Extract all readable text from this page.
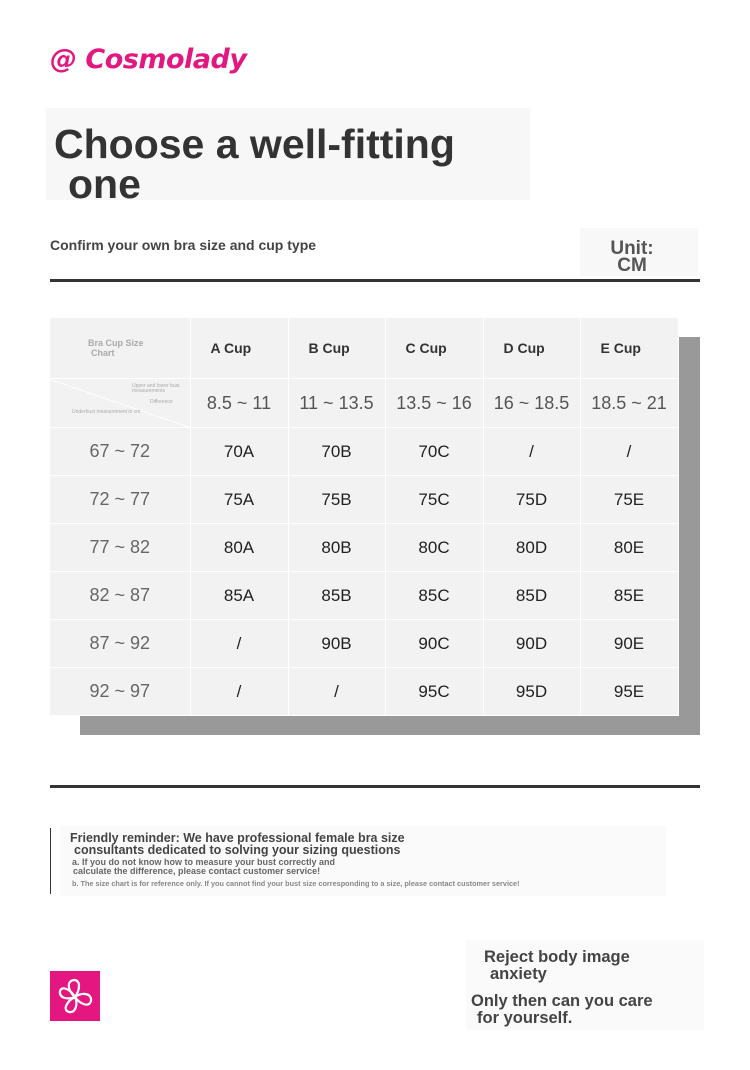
@ Cosmolady
Choose a well-fitting
one
Confirm your own bra size and cup type	Unit:
CM
Bra Cup Size
Chart	A Cup	B Cup	C Cup	D Cup	E Cup

Upper and lower bust measurements
Difference
Underbust measurement in cm	8.5 ~ 11	11 ~ 13.5	13.5 ~ 16	16 ~ 18.5	18.5 ~ 21
67 ~ 72	70A	70B	70C	/	/
72 ~ 77	75A	75B	75C	75D	75E
77 ~ 82	80A	80B	80C	80D	80E
82 ~ 87	85A	85B	85C	85D	85E
87 ~ 92	/	90B	90C	90D	90E
92 ~ 97	/	/	95C	95D	95E
Friendly reminder: We have professional female bra size
consultants dedicated to solving your sizing questions
a. If you do not know how to measure your bust correctly and
calculate the difference, please contact customer service!
b. The size chart is for reference only. If you cannot find your bust size corresponding to a size, please contact customer service!
Reject body image
anxiety
Only then can you care
for yourself.
